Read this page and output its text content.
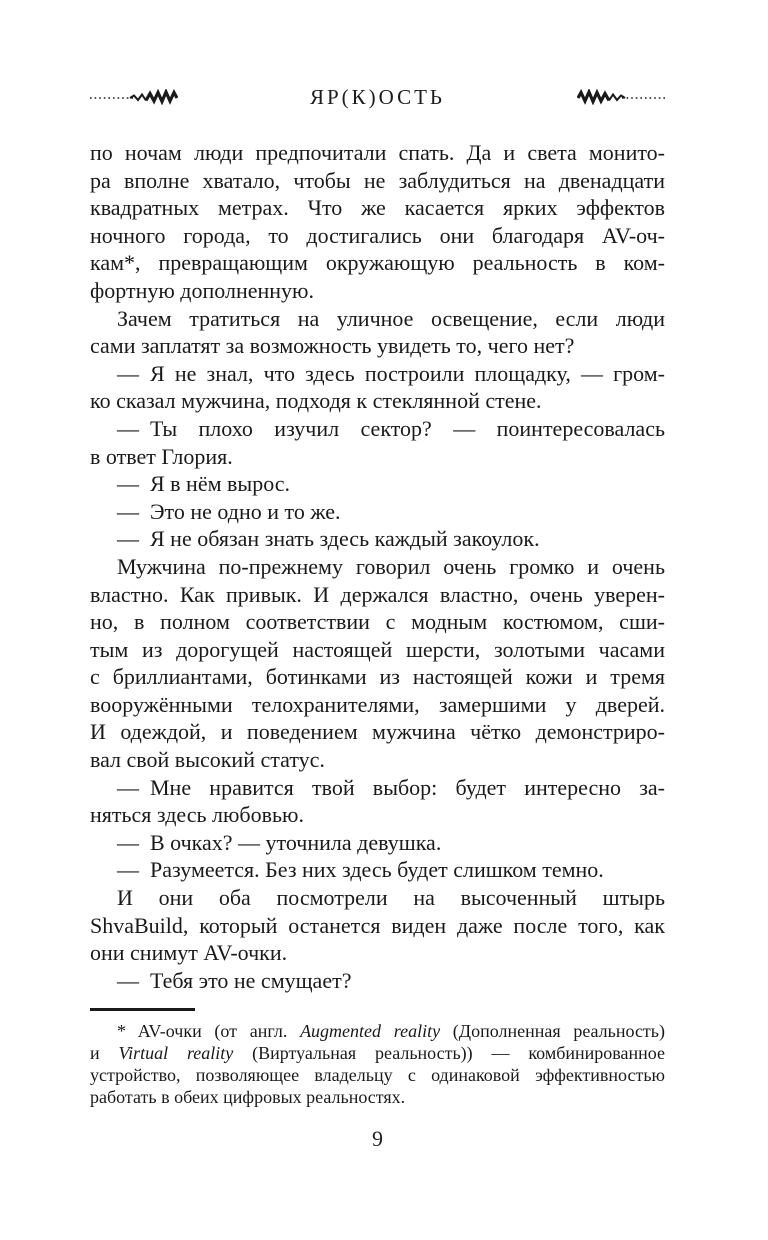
ЯР(К)ОСТЬ
по ночам люди предпочитали спать. Да и света монито-
ра вполне хватало, чтобы не заблудиться на двенадцати
квадратных метрах. Что же касается ярких эффектов
ночного города, то достигались они благодаря AV-оч-
кам*, превращающим окружающую реальность в ком-
фортную дополненную.
Зачем тратиться на уличное освещение, если люди
сами заплатят за возможность увидеть то, чего нет?
— Я не знал, что здесь построили площадку, — гром-
ко сказал мужчина, подходя к стеклянной стене.
— Ты плохо изучил сектор? — поинтересовалась
в ответ Глория.
— Я в нём вырос.
— Это не одно и то же.
— Я не обязан знать здесь каждый закоулок.
Мужчина по-прежнему говорил очень громко и очень
властно. Как привык. И держался властно, очень уверен-
но, в полном соответствии с модным костюмом, сши-
тым из дорогущей настоящей шерсти, золотыми часами
с бриллиантами, ботинками из настоящей кожи и тремя
вооружёнными телохранителями, замершими у дверей.
И одеждой, и поведением мужчина чётко демонстриро-
вал свой высокий статус.
— Мне нравится твой выбор: будет интересно за-
няться здесь любовью.
— В очках? — уточнила девушка.
— Разумеется. Без них здесь будет слишком темно.
И они оба посмотрели на высоченный штырь
ShvaBuild, который останется виден даже после того, как
они снимут AV-очки.
— Тебя это не смущает?
* AV-очки (от англ. Augmented reality (Дополненная реальность)
и Virtual reality (Виртуальная реальность)) — комбинированное
устройство, позволяющее владельцу с одинаковой эффективностью
работать в обеих цифровых реальностях.
9
